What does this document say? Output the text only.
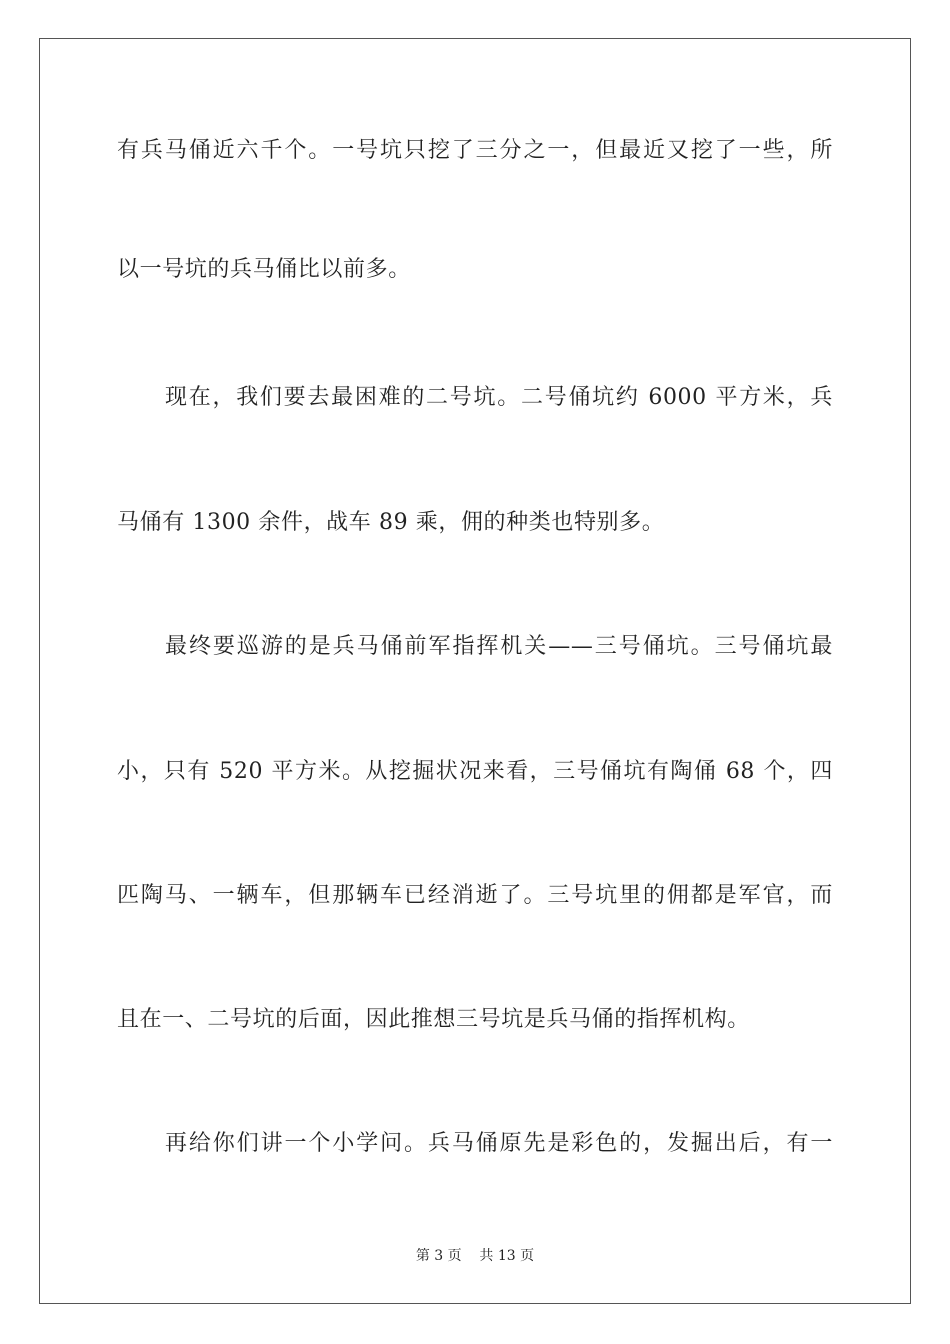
有兵马俑近六千个。一号坑只挖了三分之一，但最近又挖了一些，所
以一号坑的兵马俑比以前多。
现在，我们要去最困难的二号坑。二号俑坑约 6000 平方米，兵
马俑有 1300 余件，战车 89 乘，佣的种类也特别多。
最终要巡游的是兵马俑前军指挥机关——三号俑坑。三号俑坑最
小，只有 520 平方米。从挖掘状况来看，三号俑坑有陶俑 68 个，四
匹陶马、一辆车，但那辆车已经消逝了。三号坑里的佣都是军官，而
且在一、二号坑的后面，因此推想三号坑是兵马俑的指挥机构。
再给你们讲一个小学问。兵马俑原先是彩色的，发掘出后，有一
第 3 页    共 13 页
